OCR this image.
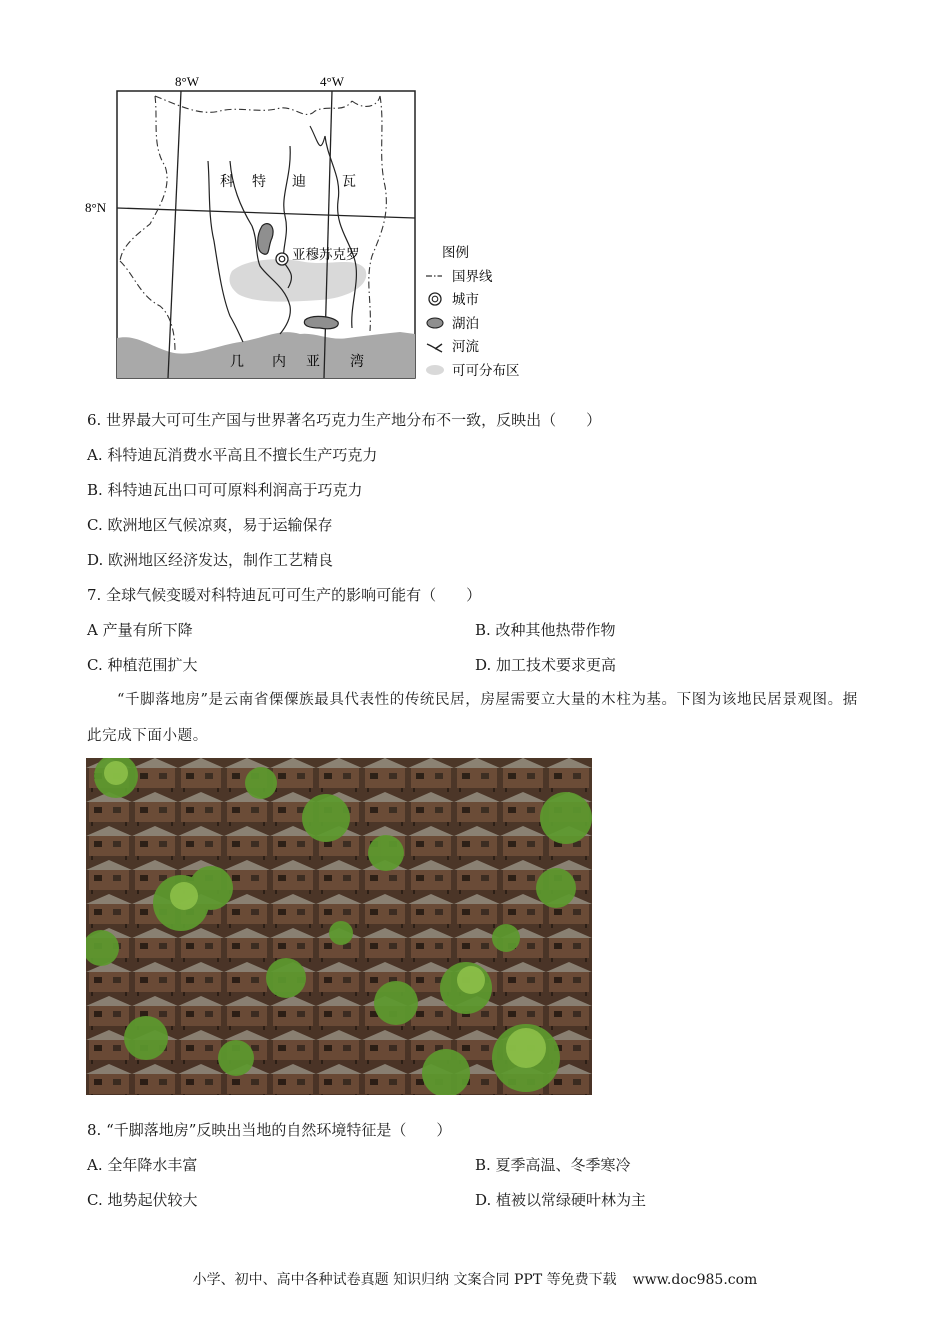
8°W	4°W
8°N
科 特 迪	瓦
亚穆苏克罗
几 内 亚 湾
图例
国界线
城市
湖泊
河流
可可分布区
6. 世界最大可可生产国与世界著名巧克力生产地分布不一致，反映出（　　）
A. 科特迪瓦消费水平高且不擅长生产巧克力
B. 科特迪瓦出口可可原料利润高于巧克力
C. 欧洲地区气候凉爽，易于运输保存
D. 欧洲地区经济发达，制作工艺精良
7. 全球气候变暖对科特迪瓦可可生产的影响可能有（　　）
A 产量有所下降	B. 改种其他热带作物
C. 种植范围扩大	D. 加工技术要求更高
“千脚落地房”是云南省傈僳族最具代表性的传统民居，房屋需要立大量的木柱为基。下图为该地民居景观图。据此完成下面小题。
8. “千脚落地房”反映出当地的自然环境特征是（　　）
A. 全年降水丰富	B. 夏季高温、冬季寒冷
C. 地势起伏较大	D. 植被以常绿硬叶林为主
小学、初中、高中各种试卷真题 知识归纳 文案合同 PPT 等免费下载 www.doc985.com
